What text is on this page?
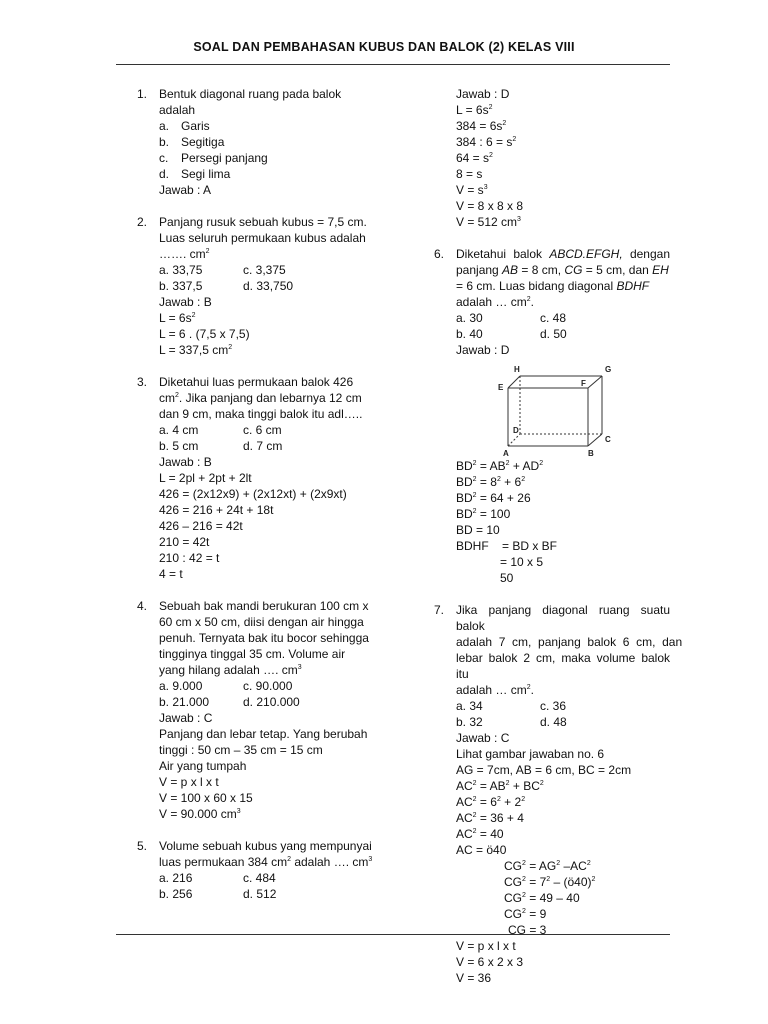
SOAL DAN PEMBAHASAN KUBUS DAN BALOK (2) KELAS VIII
1. Bentuk diagonal ruang pada balok
adalah
a. Garis
b. Segitiga
c.	Persegi panjang
d. Segi lima
Jawab : A
2. Panjang rusuk sebuah kubus = 7,5 cm.
Luas seluruh permukaan kubus adalah
……. $cm^2$
a. 33,75	c. 3,375
b. 337,5	d. 33,750
Jawab : B
$L = 6s^2$
L = 6 . (7,5 x 7,5)
L = 337,5 $cm^2$
3. Diketahui luas permukaan balok 426
$cm^2$. Jika panjang dan lebarnya 12 cm
dan 9 cm, maka tinggi balok itu adl…..
a. 4 cm	c. 6 cm
b. 5 cm	d. 7 cm
Jawab : B
L = 2pl + 2pt + 2lt
426 = (2x12x9) + (2x12xt) + (2x9xt)
426 = 216 + 24t + 18t
426 – 216 = 42t
210 = 42t
210 : 42 = t
4 = t
4. Sebuah bak mandi berukuran 100 cm x
60 cm x 50 cm, diisi dengan air hingga
penuh. Ternyata bak itu bocor sehingga
tingginya tinggal 35 cm. Volume air
yang hilang adalah …. $cm^3$
a. 9.000	c. 90.000
b. 21.000	d. 210.000
Jawab : C
Panjang dan lebar tetap. Yang berubah
tinggi : 50 cm – 35 cm = 15 cm
Air yang tumpah
V = p x l x t
V = 100 x 60 x 15
V = 90.000 $cm^3$
5. Volume sebuah kubus yang mempunyai
luas permukaan 384 $cm^2$ adalah …. $cm^3$
a. 216	c. 484
b. 256	d. 512
Jawab : D
$L = 6s^2$
$384 = 6s^2$
384 : $6 = s^2$
$64 = s^2$
8 = s
$V = s^3$
V = 8 x 8 x 8
V = 512 $cm^3$
6. Diketahui balok ABCD.EFGH, dengan
panjang AB = 8 cm, CG = 5 cm, dan EH
= 6 cm. Luas bidang diagonal BDHF
adalah … $cm^2$.
a. 30	c. 48
b. 40	d. 50
Jawab : D
H	G
E	F
D
C
A	B
$BD^2 = AB^2 + AD^2$
$BD^2 = 8^2 + 6^2$
$BD^2 = 64 + 26$
$BD^2 = 100$
BD = 10
BDHF    = BD x BF
= 10 x 5
50
7. Jika panjang diagonal ruang suatu balok
adalah  7  cm,  panjang  balok  6  cm,  dan
lebar balok 2 cm, maka volume balok itu
adalah … $cm^2$.
a. 34	c. 36
b. 32	d. 48
Jawab : C
Lihat gambar jawaban no. 6
AG = 7cm, AB = 6 cm, BC = 2cm
$AC^2 = AB^2 + BC^2$
$AC^2 = 6^2 + 2^2$
$AC^2 = 36 + 4$
$AC^2 = 40$
AC = ö40
$CG^2 = AG^2$ $-AC^2$
$CG^2 = 7^2$ – (ö40)$^2$
$CG^2 = 49 - 40$
$CG^2 = 9$
CG = 3
V = p x l x t
V = 6 x 2 x 3
V = 36
